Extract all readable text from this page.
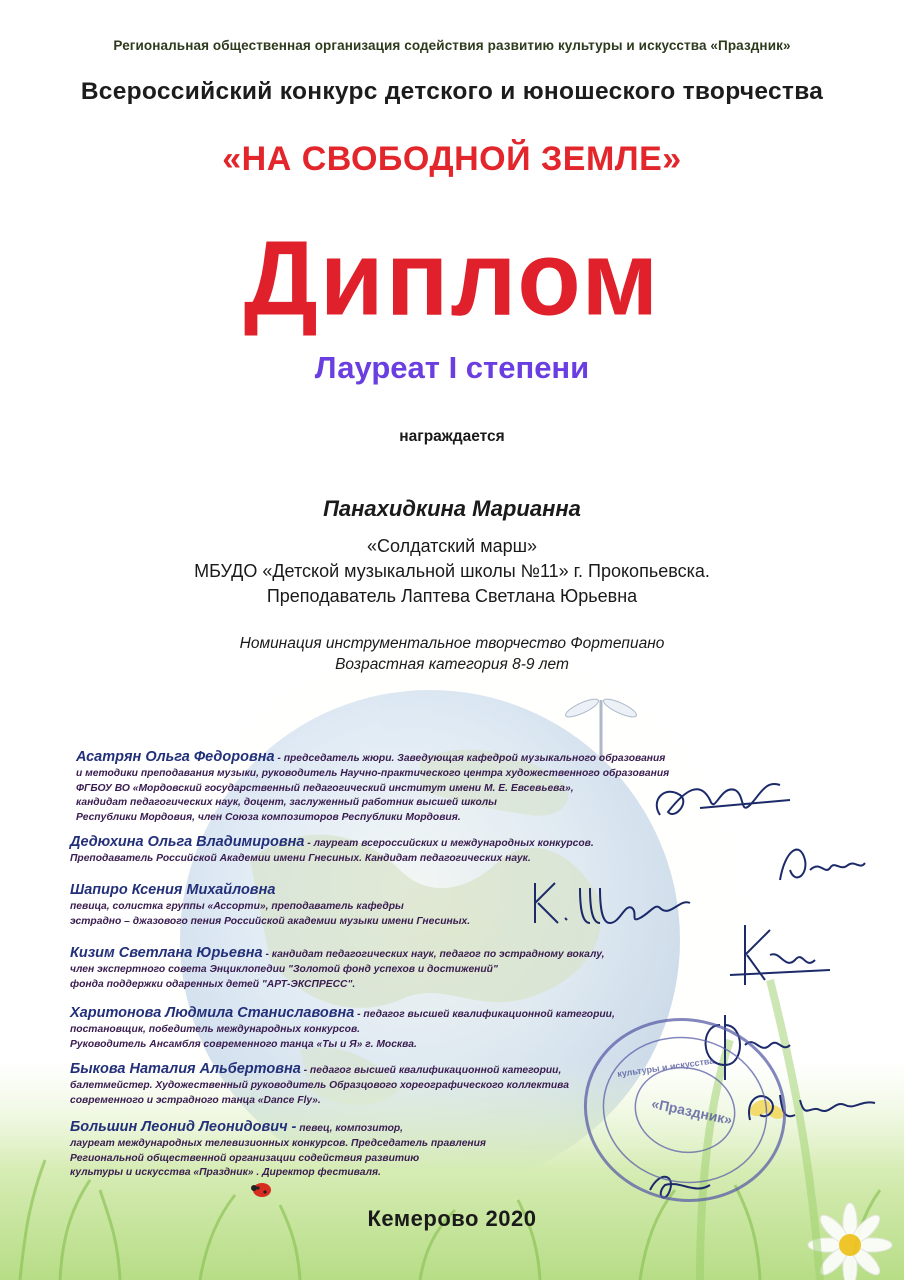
Региональная общественная организация содействия развитию культуры и искусства «Праздник»
Всероссийский конкурс детского и юношеского творчества
«НА СВОБОДНОЙ ЗЕМЛЕ»
Диплом
Лауреат I степени
награждается
Панахидкина Марианна
«Солдатский марш»
МБУДО «Детской музыкальной школы №11» г. Прокопьевска.
Преподаватель Лаптева Светлана Юрьевна
Номинация инструментальное творчество Фортепиано
Возрастная категория 8-9 лет
Асатрян Ольга Федоровна - председатель жюри. Заведующая кафедрой музыкального образования
и методики преподавания музыки, руководитель Научно-практического центра художественного образования
ФГБОУ ВО «Мордовский государственный педагогический институт имени М. Е. Евсевьева»,
кандидат педагогических наук, доцент, заслуженный работник высшей школы
Республики Мордовия, член Союза композиторов Республики Мордовия.
Дедюхина Ольга Владимировна - лауреат всероссийских и международных конкурсов.
Преподаватель Российской Академии имени Гнесиных. Кандидат педагогических наук.
Шапиро Ксения Михайловна
певица, солистка группы «Ассорти», преподаватель кафедры
эстрадно – джазового пения Российской академии музыки имени Гнесиных.
Кизим Светлана Юрьевна - кандидат педагогических наук, педагог по эстрадному вокалу,
член экспертного совета Энциклопедии "Золотой фонд успехов и достижений"
фонда поддержки одаренных детей "АРТ-ЭКСПРЕСС".
Харитонова Людмила Станиславовна - педагог высшей квалификационной категории,
постановщик, победитель международных конкурсов.
Руководитель Ансамбля современного танца «Ты и Я» г. Москва.
Быкова Наталия Альбертовна - педагог высшей квалификационной категории,
балетмейстер. Художественный руководитель Образцового хореографического коллектива
современного и эстрадного танца «Dance Fly».
Большин Леонид Леонидович - певец, композитор,
лауреат международных телевизионных конкурсов. Председатель правления
Региональной общественной организации содействия развитию
культуры и искусства «Праздник» . Директор фестиваля.
культуры и искусства
«Праздник»
Кемерово 2020
